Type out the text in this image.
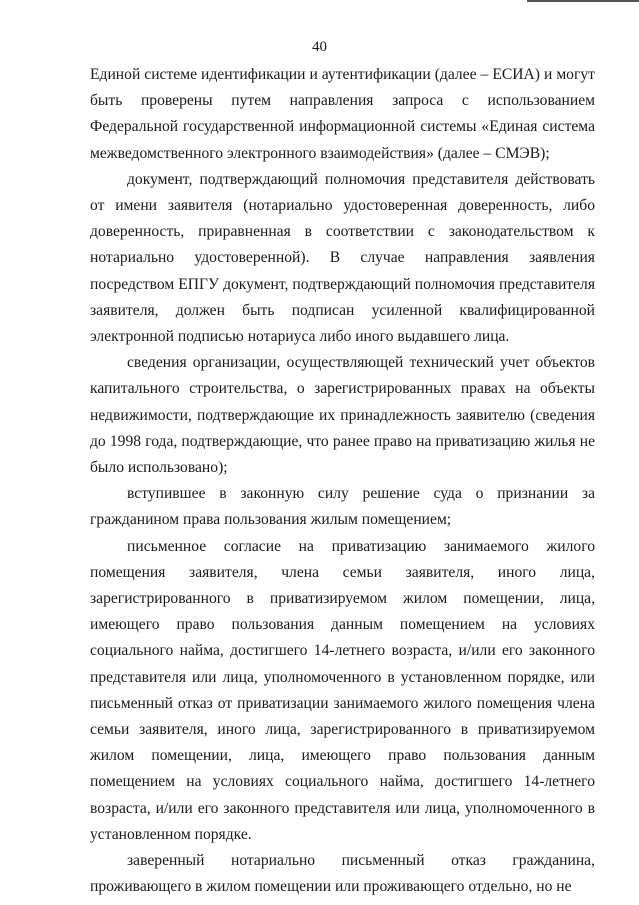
40

Единой системе идентификации и аутентификации (далее – ЕСИА) и могут быть проверены путем направления запроса с использованием Федеральной государственной информационной системы «Единая система межведомственного электронного взаимодействия» (далее – СМЭВ);

документ, подтверждающий полномочия представителя действовать от имени заявителя (нотариально удостоверенная доверенность, либо доверенность, приравненная в соответствии с законодательством к нотариально удостоверенной). В случае направления заявления посредством ЕПГУ документ, подтверждающий полномочия представителя заявителя, должен быть подписан усиленной квалифицированной электронной подписью нотариуса либо иного выдавшего лица.

сведения организации, осуществляющей технический учет объектов капитального строительства, о зарегистрированных правах на объекты недвижимости, подтверждающие их принадлежность заявителю (сведения до 1998 года, подтверждающие, что ранее право на приватизацию жилья не было использовано);

вступившее в законную силу решение суда о признании за гражданином права пользования жилым помещением;

письменное согласие на приватизацию занимаемого жилого помещения заявителя, члена семьи заявителя, иного лица, зарегистрированного в приватизируемом жилом помещении, лица, имеющего право пользования данным помещением на условиях социального найма, достигшего 14-летнего возраста, и/или его законного представителя или лица, уполномоченного в установленном порядке, или письменный отказ от приватизации занимаемого жилого помещения члена семьи заявителя, иного лица, зарегистрированного в приватизируемом жилом помещении, лица, имеющего право пользования данным помещением на условиях социального найма, достигшего 14-летнего возраста, и/или его законного представителя или лица, уполномоченного в установленном порядке.

заверенный нотариально письменный отказ гражданина, проживающего в жилом помещении или проживающего отдельно, но не
